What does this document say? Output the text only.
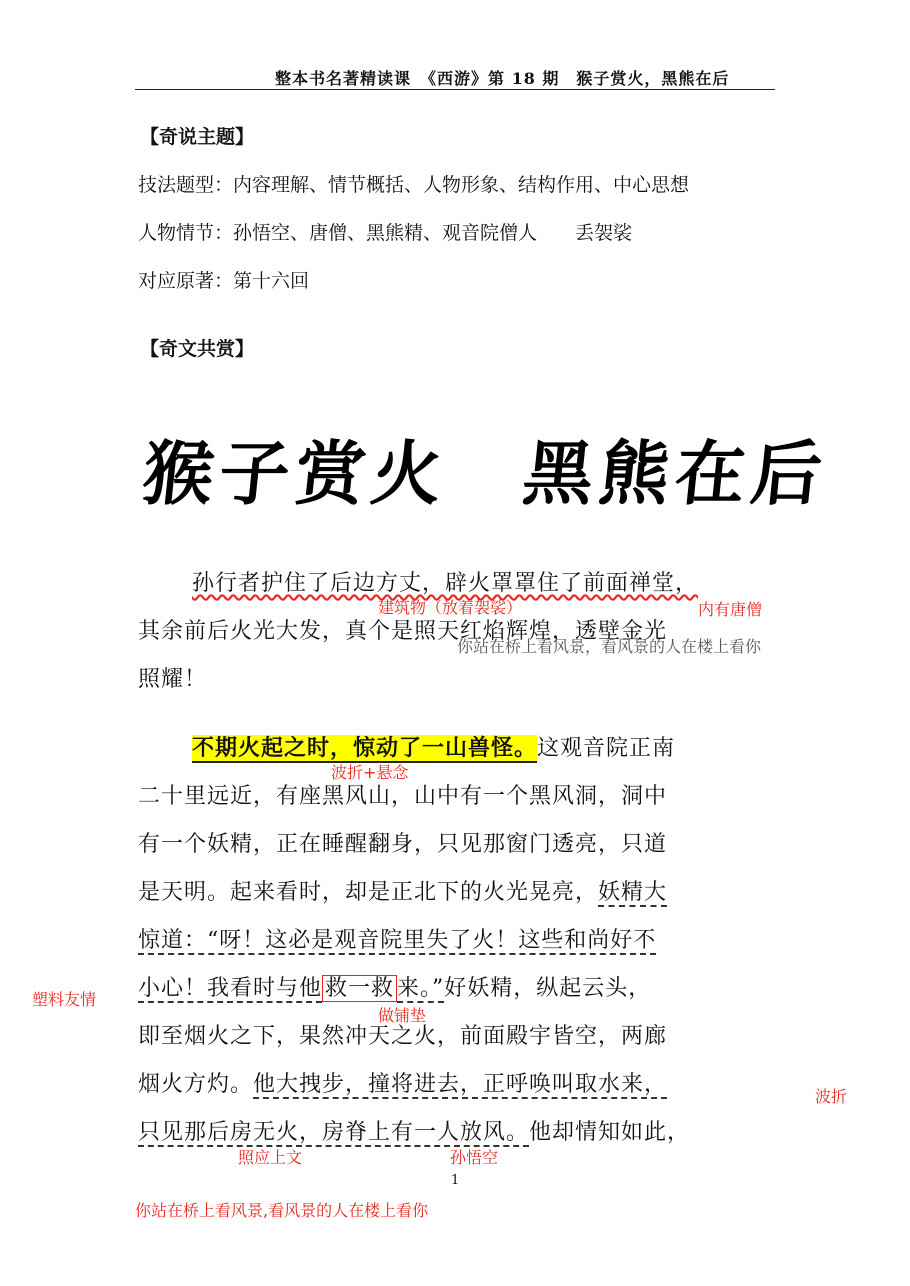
整本书名著精读课　《西游》第 18 期　猴子赏火，黑熊在后
【奇说主题】
技法题型：内容理解、情节概括、人物形象、结构作用、中心思想
人物情节：孙悟空、唐僧、黑熊精、观音院僧人　　丢袈裟
对应原著：第十六回
【奇文共赏】
猴子赏火　黑熊在后
孙行者护住了后边方丈，辟火罩罩住了前面禅堂，
建筑物（放着袈裟）	内有唐僧
其余前后火光大发，真个是照天红焰辉煌，透壁金光
你站在桥上看风景，看风景的人在楼上看你
照耀！
不期火起之时，惊动了一山兽怪。这观音院正南
波折+悬念
二十里远近，有座黑风山，山中有一个黑风洞，洞中
有一个妖精，正在睡醒翻身，只见那窗门透亮，只道
是天明。起来看时，却是正北下的火光晃亮，妖精大
惊道：“呀！这必是观音院里失了火！这些和尚好不
小心！我看时与他 救一救 来。”好妖精，纵起云头，
塑料友情
做铺垫
即至烟火之下，果然冲天之火，前面殿宇皆空，两廊
烟火方灼。他大拽步，撞将进去，正呼唤叫取水来，	波折
只见那后房无火，房脊上有一人放风。他却情知如此，
照应上文	孙悟空
1
你站在桥上看风景,看风景的人在楼上看你
